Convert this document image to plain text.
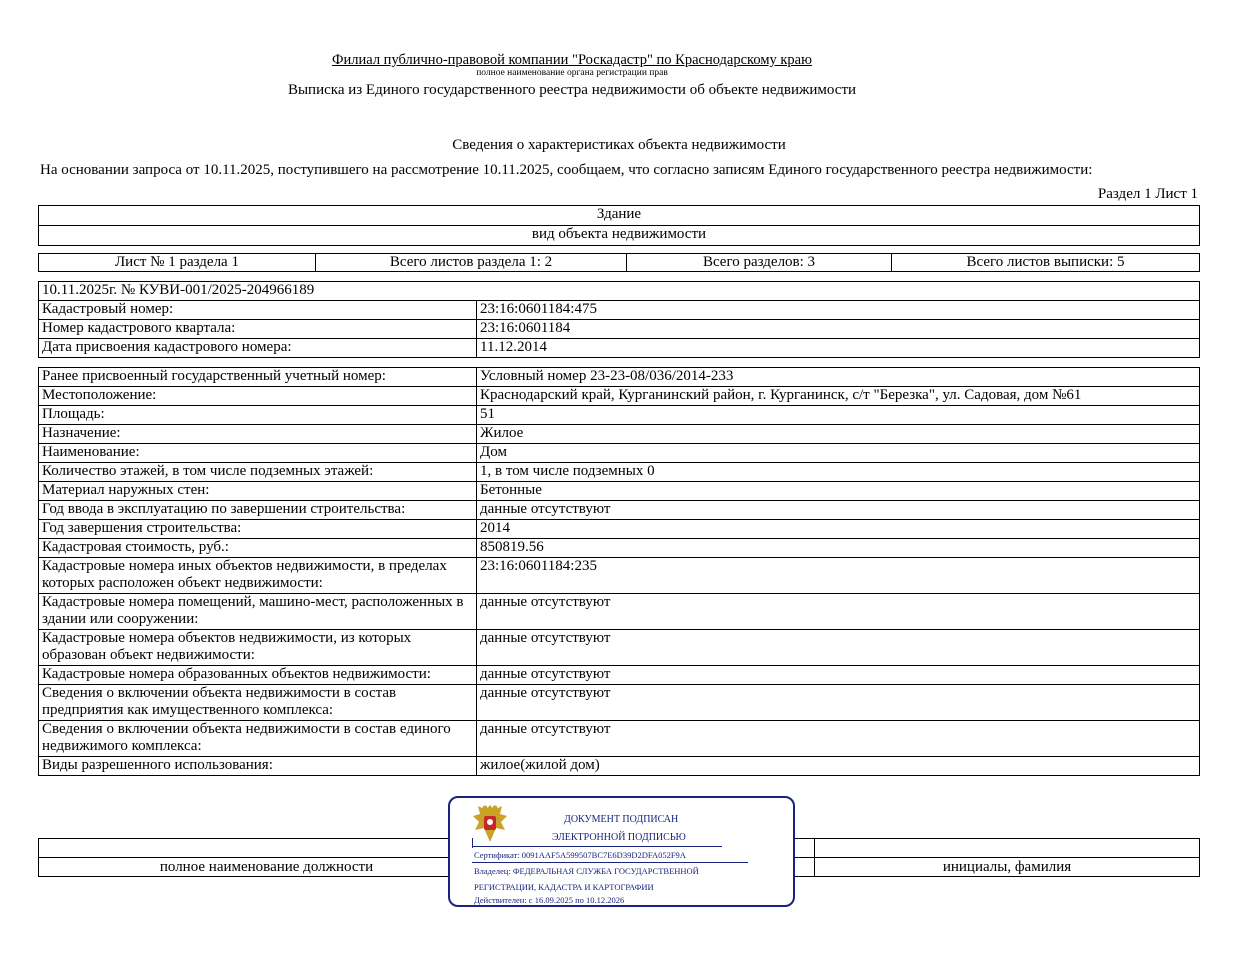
Филиал публично-правовой компании "Роскадастр" по Краснодарскому краю
полное наименование органа регистрации прав
Выписка из Единого государственного реестра недвижимости об объекте недвижимости
Сведения о характеристиках объекта недвижимости
На основании запроса от 10.11.2025, поступившего на рассмотрение 10.11.2025, сообщаем, что согласно записям Единого государственного реестра недвижимости:
Раздел 1 Лист 1
Здание
вид объекта недвижимости
Лист № 1 раздела 1	Всего листов раздела 1: 2	Всего разделов: 3	Всего листов выписки: 5
10.11.2025г. № КУВИ-001/2025-204966189	
Кадастровый номер:	23:16:0601184:475
Номер кадастрового квартала:	23:16:0601184
Дата присвоения кадастрового номера:	11.12.2014
Ранее присвоенный государственный учетный номер:	Условный номер 23-23-08/036/2014-233
Местоположение:	Краснодарский край, Курганинский район, г. Курганинск, с/т "Березка", ул. Садовая, дом №61
Площадь:	51
Назначение:	Жилое
Наименование:	Дом
Количество этажей, в том числе подземных этажей:	1, в том числе подземных 0
Материал наружных стен:	Бетонные
Год ввода в эксплуатацию по завершении строительства:	данные отсутствуют
Год завершения строительства:	2014
Кадастровая стоимость, руб.:	850819.56
Кадастровые номера иных объектов недвижимости, в пределах которых расположен объект недвижимости:	23:16:0601184:235
Кадастровые номера помещений, машино-мест, расположенных в здании или сооружении:	данные отсутствуют
Кадастровые номера объектов недвижимости, из которых образован объект недвижимости:	данные отсутствуют
Кадастровые номера образованных объектов недвижимости:	данные отсутствуют
Сведения о включении объекта недвижимости в состав предприятия как имущественного комплекса:	данные отсутствуют
Сведения о включении объекта недвижимости в состав единого недвижимого комплекса:	данные отсутствуют
Виды разрешенного использования:	жилое(жилой дом)

полное наименование должности		инициалы, фамилия
ДОКУМЕНТ ПОДПИСАН
ЭЛЕКТРОННОЙ ПОДПИСЬЮ
Сертификат: 0091AAF5A599507BC7E6D39D2DFA052F9A
Владелец: ФЕДЕРАЛЬНАЯ СЛУЖБА ГОСУДАРСТВЕННОЙ
РЕГИСТРАЦИИ, КАДАСТРА И КАРТОГРАФИИ
Действителен: с 16.09.2025 по 10.12.2026
